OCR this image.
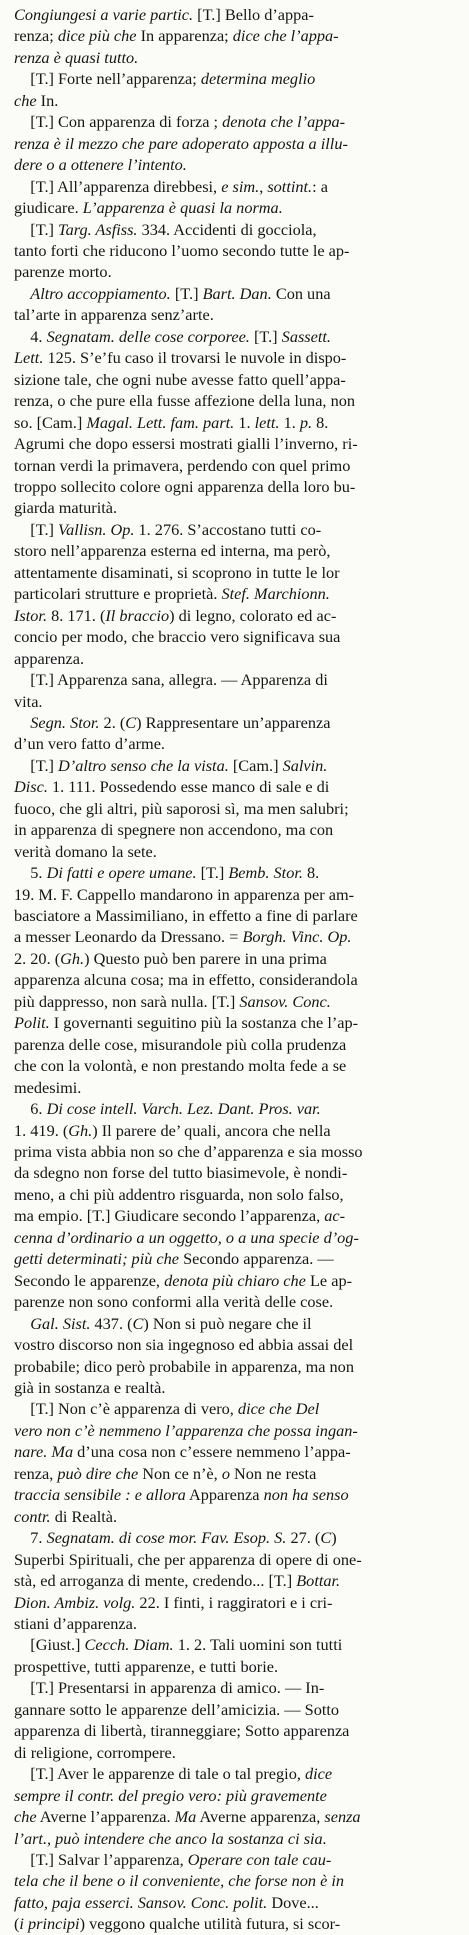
Congiungesi a varie partic. [T.] Bello d’appa-
renza; dice più che In apparenza; dice che l’appa-
renza è quasi tutto.

[T.] Forte nell’apparenza; determina meglio
che In.

[T.] Con apparenza di forza ; denota che l’appa-
renza è il mezzo che pare adoperato apposta a illu-
dere o a ottenere l’intento.

[T.] All’apparenza direbbesi, e sim., sottint.: a
giudicare. L’apparenza è quasi la norma.

[T.] Targ. Asfiss. 334. Accidenti di gocciola,
tanto forti che riducono l’uomo secondo tutte le ap-
parenze morto.

Altro accoppiamento. [T.] Bart. Dan. Con una
tal’arte in apparenza senz’arte.

4. Segnatam. delle cose corporee. [T.] Sassett.
Lett. 125. S’e’fu caso il trovarsi le nuvole in dispo-
sizione tale, che ogni nube avesse fatto quell’appa-
renza, o che pure ella fusse affezione della luna, non
so. [Cam.] Magal. Lett. fam. part. 1. lett. 1. p. 8.
Agrumi che dopo essersi mostrati gialli l’inverno, ri-
tornan verdi la primavera, perdendo con quel primo
troppo sollecito colore ogni apparenza della loro bu-
giarda maturità.

[T.] Vallisn. Op. 1. 276. S’accostano tutti co-
storo nell’apparenza esterna ed interna, ma però,
attentamente disaminati, si scoprono in tutte le lor
particolari strutture e proprietà. Stef. Marchionn.
Istor. 8. 171. (Il braccio) di legno, colorato ed ac-
concio per modo, che braccio vero significava sua
apparenza.

[T.] Apparenza sana, allegra. — Apparenza di
vita.

Segn. Stor. 2. (C) Rappresentare un’apparenza
d’un vero fatto d’arme.

[T.] D’altro senso che la vista. [Cam.] Salvin.
Disc. 1. 111. Possedendo esse manco di sale e di
fuoco, che gli altri, più saporosi sì, ma men salubri;
in apparenza di spegnere non accendono, ma con
verità domano la sete.

5. Di fatti e opere umane. [T.] Bemb. Stor. 8.
19. M. F. Cappello mandarono in apparenza per am-
basciatore a Massimiliano, in effetto a fine di parlare
a messer Leonardo da Dressano. = Borgh. Vinc. Op.
2. 20. (Gh.) Questo può ben parere in una prima
apparenza alcuna cosa; ma in effetto, considerandola
più dappresso, non sarà nulla. [T.] Sansov. Conc.
Polit. I governanti seguitino più la sostanza che l’ap-
parenza delle cose, misurandole più colla prudenza
che con la volontà, e non prestando molta fede a se
medesimi.

6. Di cose intell. Varch. Lez. Dant. Pros. var.
1. 419. (Gh.) Il parere de’ quali, ancora che nella
prima vista abbia non so che d’apparenza e sia mosso
da sdegno non forse del tutto biasimevole, è nondi-
meno, a chi più addentro risguarda, non solo falso,
ma empio. [T.] Giudicare secondo l’apparenza, ac-
cenna d’ordinario a un oggetto, o a una specie d’og-
getti determinati; più che Secondo apparenza. —
Secondo le apparenze, denota più chiaro che Le ap-
parenze non sono conformi alla verità delle cose.

Gal. Sist. 437. (C) Non si può negare che il
vostro discorso non sia ingegnoso ed abbia assai del
probabile; dico però probabile in apparenza, ma non
già in sostanza e realtà.

[T.] Non c’è apparenza di vero, dice che Del
vero non c’è nemmeno l’apparenza che possa ingan-
nare. Ma d’una cosa non c’essere nemmeno l’appa-
renza, può dire che Non ce n’è, o Non ne resta
traccia sensibile : e allora Apparenza non ha senso
contr. di Realtà.

7. Segnatam. di cose mor. Fav. Esop. S. 27. (C)
Superbi Spirituali, che per apparenza di opere di one-
stà, ed arroganza di mente, credendo... [T.] Bottar.
Dion. Ambiz. volg. 22. I finti, i raggiratori e i cri-
stiani d’apparenza.

[Giust.] Cecch. Diam. 1. 2. Tali uomini son tutti
prospettive, tutti apparenze, e tutti borie.

[T.] Presentarsi in apparenza di amico. — In-
gannare sotto le apparenze dell’amicizia. — Sotto
apparenza di libertà, tiranneggiare; Sotto apparenza
di religione, corrompere.

[T.] Aver le apparenze di tale o tal pregio, dice
sempre il contr. del pregio vero: più gravemente
che Averne l’apparenza. Ma Averne apparenza, senza
l’art., può intendere che anco la sostanza ci sia.

[T.] Salvar l’apparenza, Operare con tale cau-
tela che il bene o il conveniente, che forse non è in
fatto, paja esserci. Sansov. Conc. polit. Dove...
(i principi) veggono qualche utilità futura, si scor-
